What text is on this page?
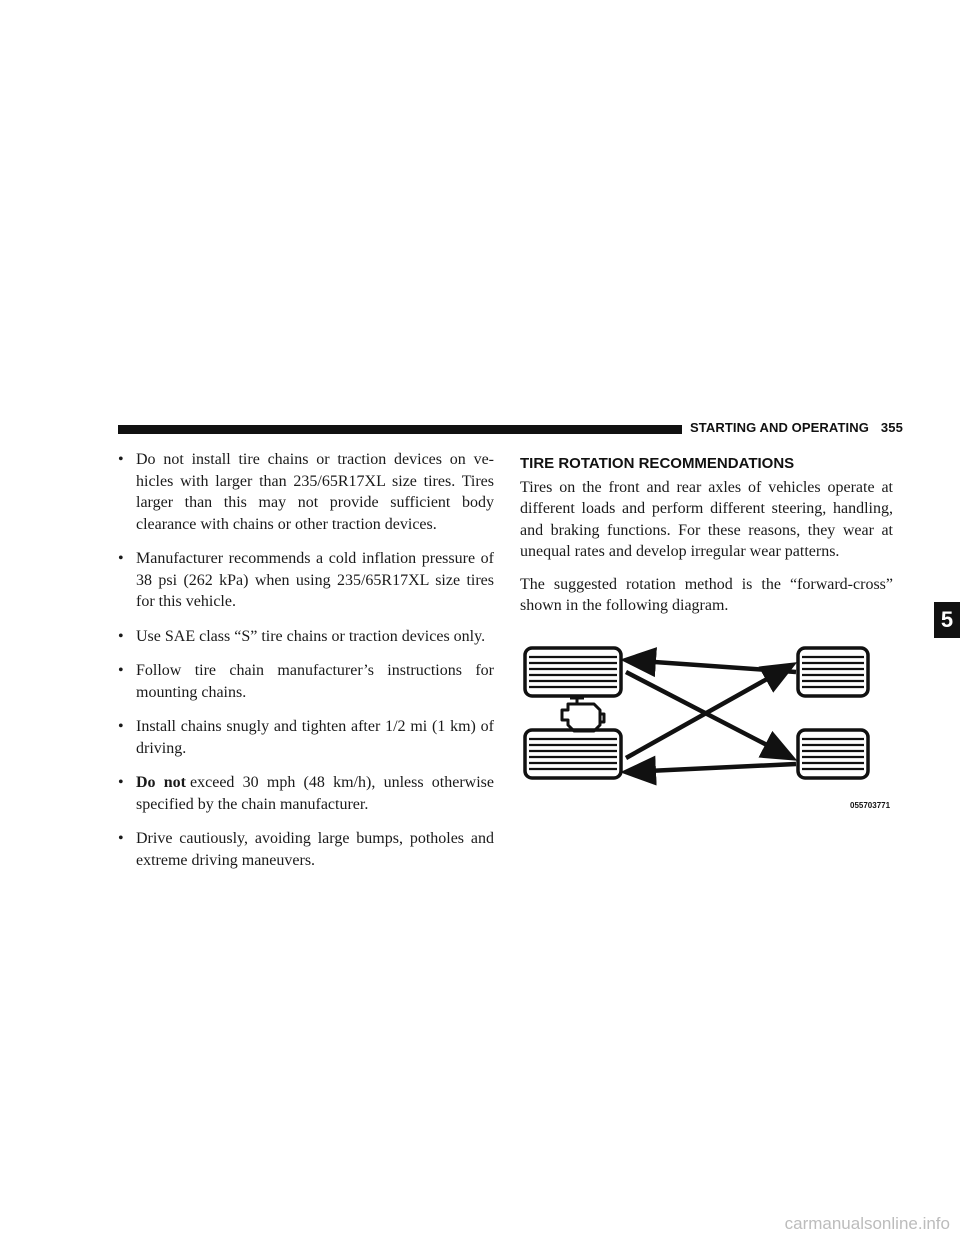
STARTING AND OPERATING 355
• Do not install tire chains or traction devices on ve-hicles with larger than 235/65R17XL size tires. Tires larger than this may not provide sufficient body clearance with chains or other traction devices.
• Manufacturer recommends a cold inflation pressure of 38 psi (262 kPa) when using 235/65R17XL size tires for this vehicle.
• Use SAE class “S” tire chains or traction devices only.
• Follow tire chain manufacturer’s instructions for mounting chains.
• Install chains snugly and tighten after 1/2 mi (1 km) of driving.
• Do not exceed 30 mph (48 km/h), unless otherwise specified by the chain manufacturer.
• Drive cautiously, avoiding large bumps, potholes and extreme driving maneuvers.
TIRE ROTATION RECOMMENDATIONS

Tires on the front and rear axles of vehicles operate at different loads and perform different steering, handling, and braking functions. For these reasons, they wear at unequal rates and develop irregular wear patterns.

The suggested rotation method is the “forward-cross” shown in the following diagram.

055703771
5
carmanualsonline.info
